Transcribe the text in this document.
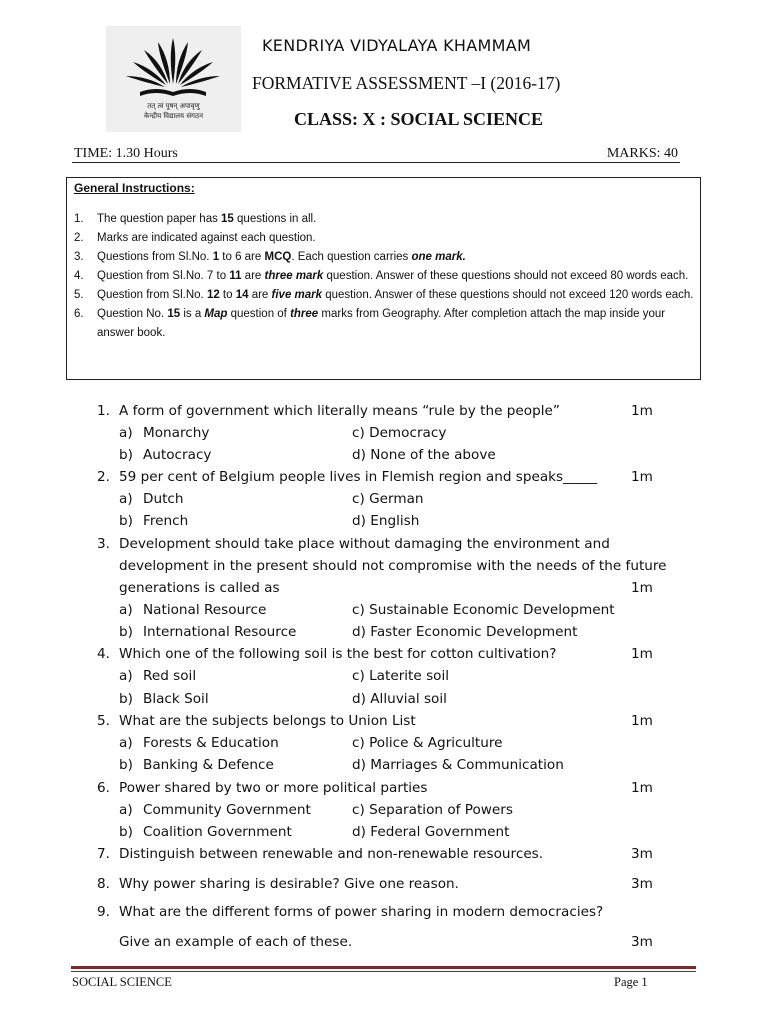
तत् त्वं पूषन् अपावृणु
केन्द्रीय विद्यालय संगठन
KENDRIYA VIDYALAYA KHAMMAM
FORMATIVE ASSESSMENT –I (2016-17)
CLASS: X : SOCIAL SCIENCE
TIME: 1.30 Hours	MARKS: 40
General Instructions:
1. The question paper has 15 questions in all.
2. Marks are indicated against each question.
3. Questions from Sl.No. 1 to 6 are MCQ. Each question carries one mark.
4. Question from Sl.No. 7 to 11 are three mark question. Answer of these questions should not exceed 80 words each.
5. Question from Sl.No. 12 to 14 are five mark question. Answer of these questions should not exceed 120 words each.
6. Question No. 15 is a Map question of three marks from Geography. After completion attach the map inside your answer book.
1. A form of government which literally means “rule by the people”	1m
a) Monarchy	c) Democracy
b) Autocracy	d) None of the above
2. 59 per cent of Belgium people lives in Flemish region and speaks_____ 1m
a) Dutch	c) German
b) French	d) English
3. Development should take place without damaging the environment and
development in the present should not compromise with the needs of the future
generations is called as	1m
a) National Resource	c) Sustainable Economic Development
b) International Resource	d) Faster Economic Development
4. Which one of the following soil is the best for cotton cultivation?	1m
a) Red soil	c) Laterite soil
b) Black Soil	d) Alluvial soil
5. What are the subjects belongs to Union List	1m
a) Forests & Education	c) Police & Agriculture
b) Banking & Defence	d) Marriages & Communication
6. Power shared by two or more political parties	1m
a) Community Government	c) Separation of Powers
b) Coalition Government	d) Federal Government
7. Distinguish between renewable and non-renewable resources.	3m
8. Why power sharing is desirable? Give one reason.	3m
9. What are the different forms of power sharing in modern democracies?
Give an example of each of these.	3m
SOCIAL SCIENCE	Page 1
